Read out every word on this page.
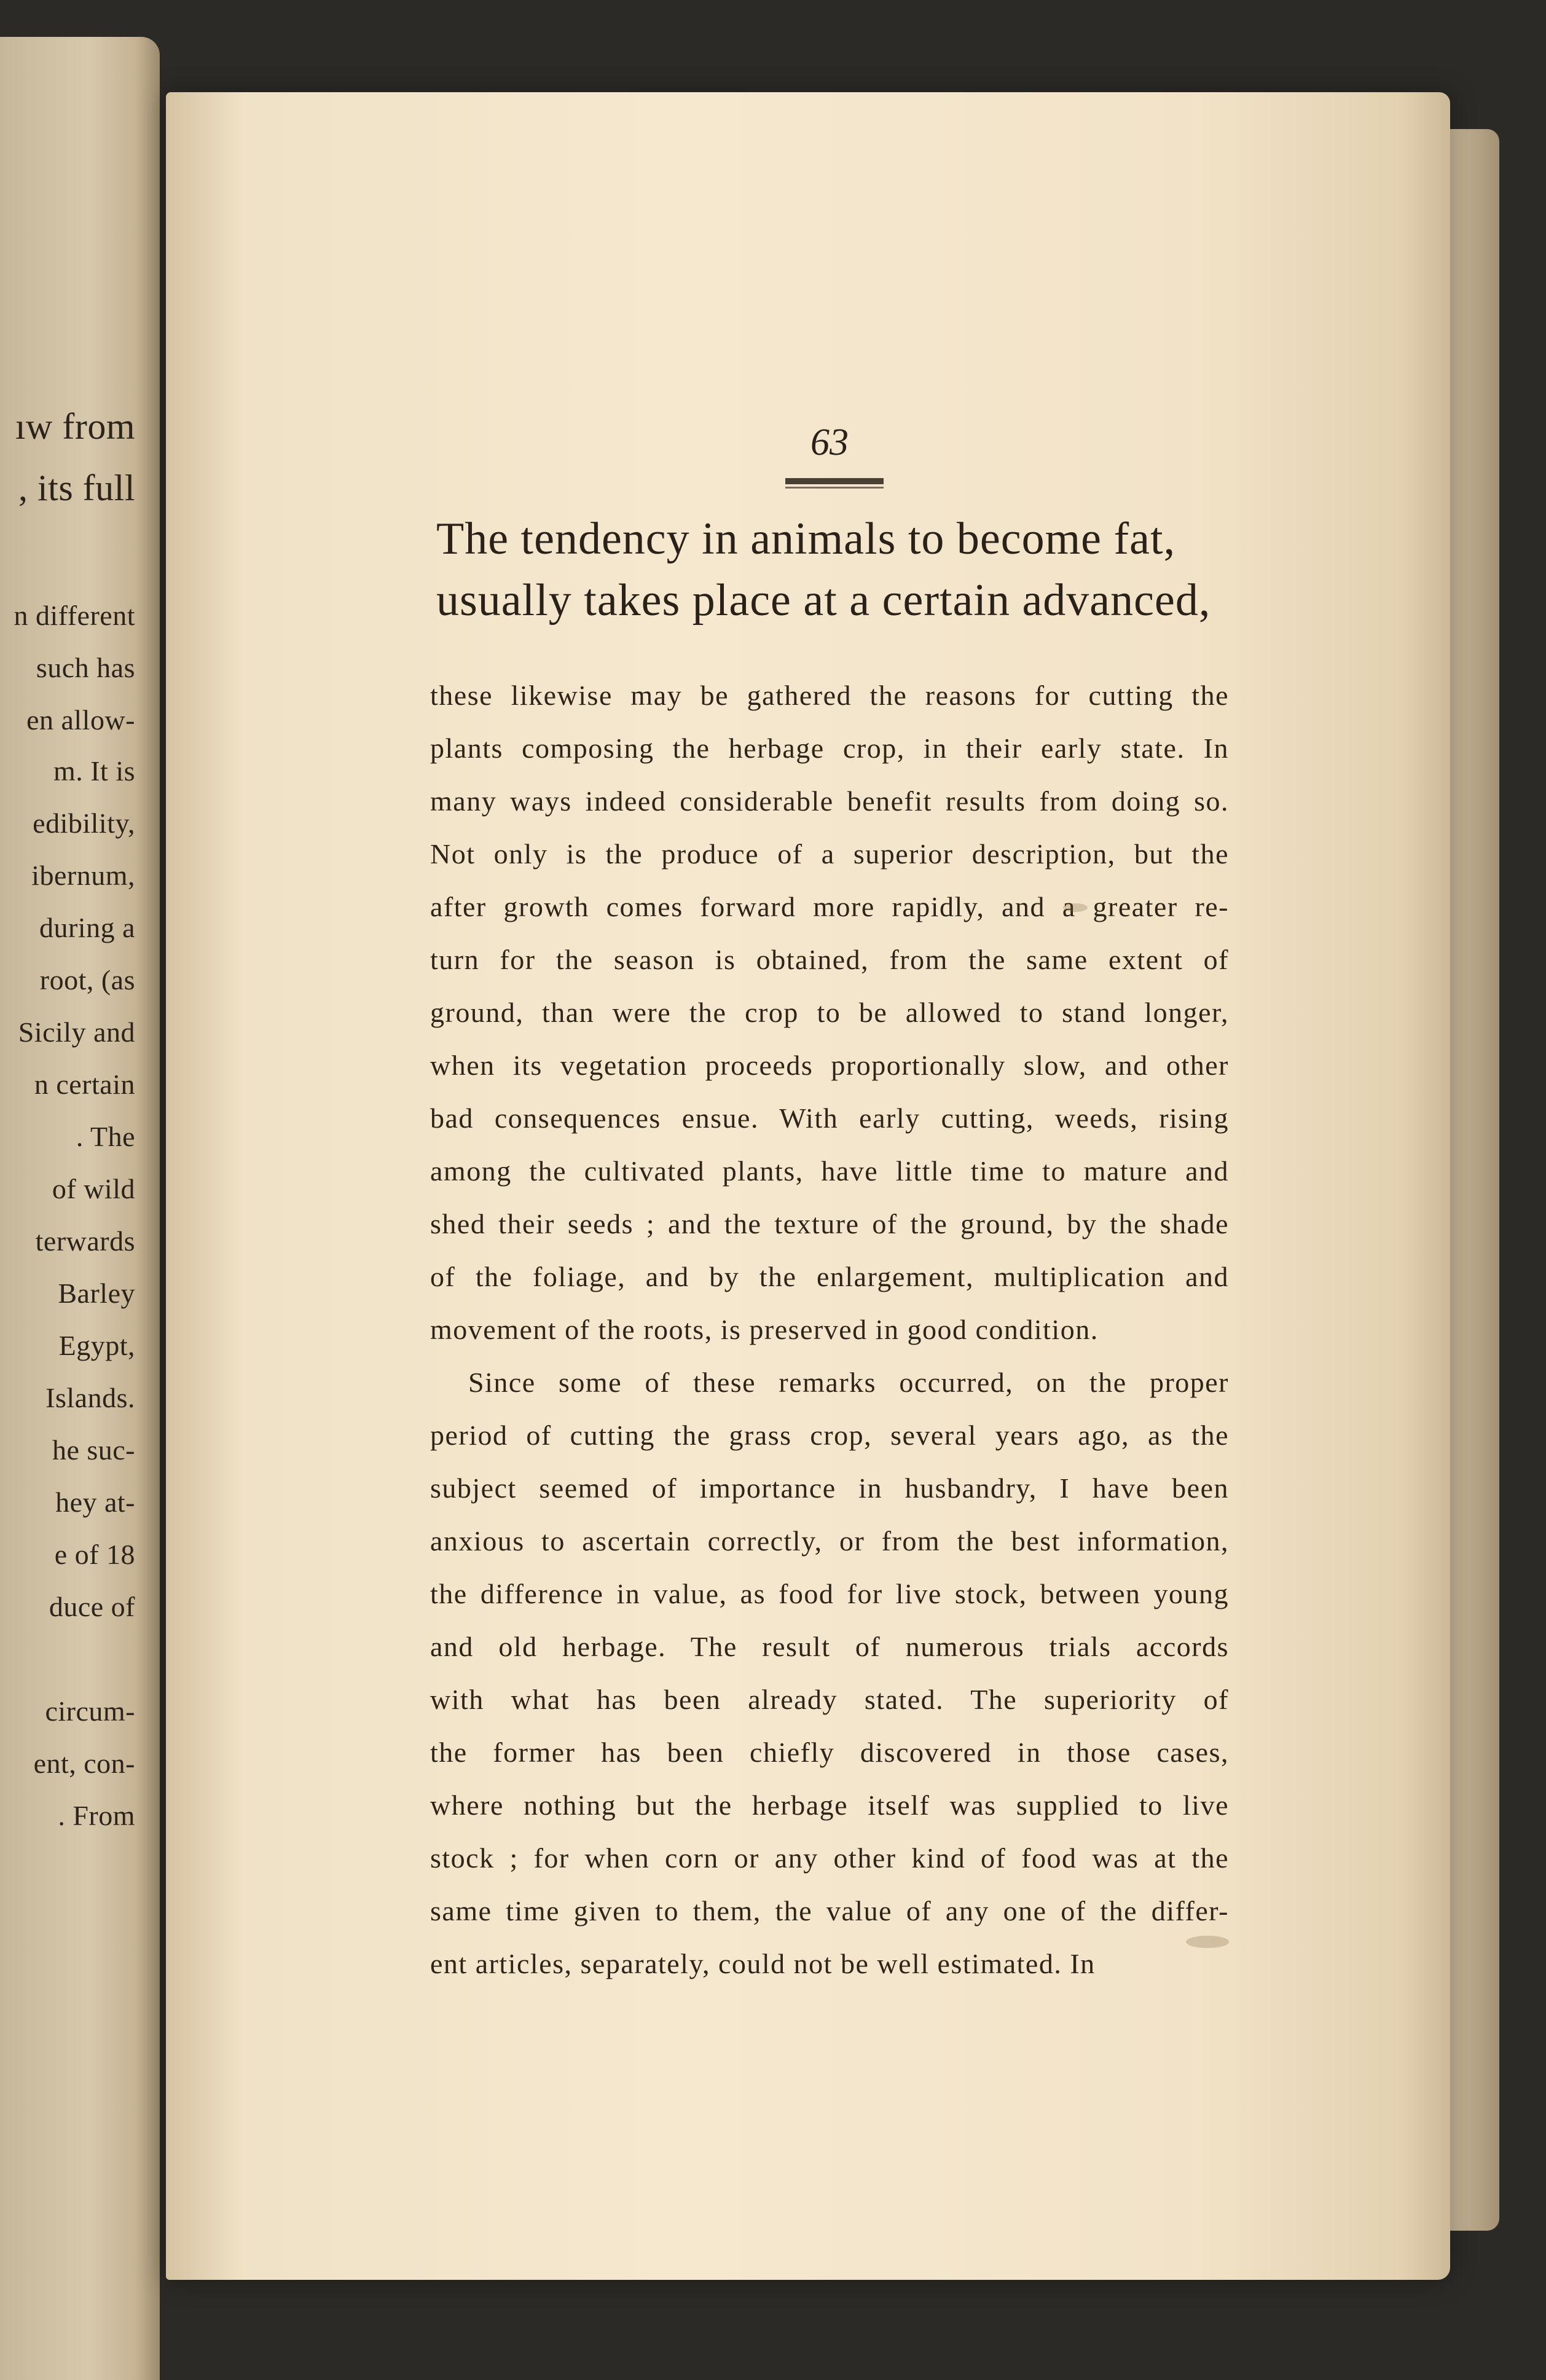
ıw from
, its full
n different
such has
en allow-
m. It is
edibility,
ibernum,
during a
root, (as
Sicily and
n certain
. The
of wild
terwards
Barley
Egypt,
Islands.
he suc-
hey at-
e of 18
duce of
circum-
ent, con-
. From
63
The tendency in animals to become fat,
usually takes place at a certain advanced,
these likewise may be gathered the reasons for cutting the
plants composing the herbage crop, in their early state. In
many ways indeed considerable benefit results from doing so.
Not only is the produce of a superior description, but the
after growth comes forward more rapidly, and a greater re-
turn for the season is obtained, from the same extent of
ground, than were the crop to be allowed to stand longer,
when its vegetation proceeds proportionally slow, and other
bad consequences ensue. With early cutting, weeds, rising
among the cultivated plants, have little time to mature and
shed their seeds ; and the texture of the ground, by the shade
of the foliage, and by the enlargement, multiplication and
movement of the roots, is preserved in good condition.
Since some of these remarks occurred, on the proper
period of cutting the grass crop, several years ago, as the
subject seemed of importance in husbandry, I have been
anxious to ascertain correctly, or from the best information,
the difference in value, as food for live stock, between young
and old herbage. The result of numerous trials accords
with what has been already stated. The superiority of
the former has been chiefly discovered in those cases,
where nothing but the herbage itself was supplied to live
stock ; for when corn or any other kind of food was at the
same time given to them, the value of any one of the differ-
ent articles, separately, could not be well estimated. In
